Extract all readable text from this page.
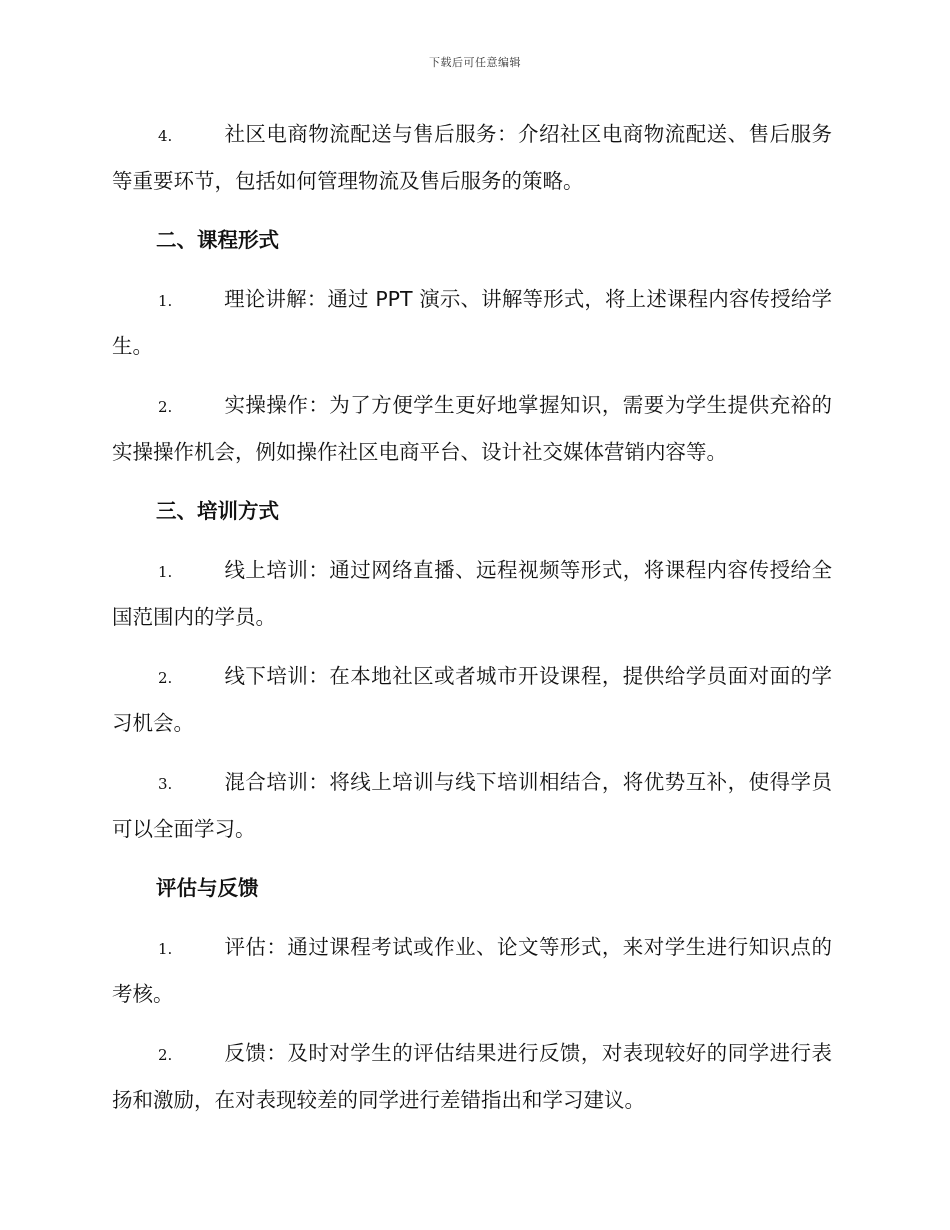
下载后可任意编辑

4.	社区电商物流配送与售后服务：介绍社区电商物流配送、售后服务等重要环节，包括如何管理物流及售后服务的策略。

二、课程形式

1.	理论讲解：通过 PPT 演示、讲解等形式，将上述课程内容传授给学生。

2.	实操操作：为了方便学生更好地掌握知识，需要为学生提供充裕的实操操作机会，例如操作社区电商平台、设计社交媒体营销内容等。

三、培训方式

1.	线上培训：通过网络直播、远程视频等形式，将课程内容传授给全国范围内的学员。

2.	线下培训：在本地社区或者城市开设课程，提供给学员面对面的学习机会。

3.	混合培训：将线上培训与线下培训相结合，将优势互补，使得学员可以全面学习。

评估与反馈

1.	评估：通过课程考试或作业、论文等形式，来对学生进行知识点的考核。

2.	反馈：及时对学生的评估结果进行反馈，对表现较好的同学进行表扬和激励，在对表现较差的同学进行差错指出和学习建议。
